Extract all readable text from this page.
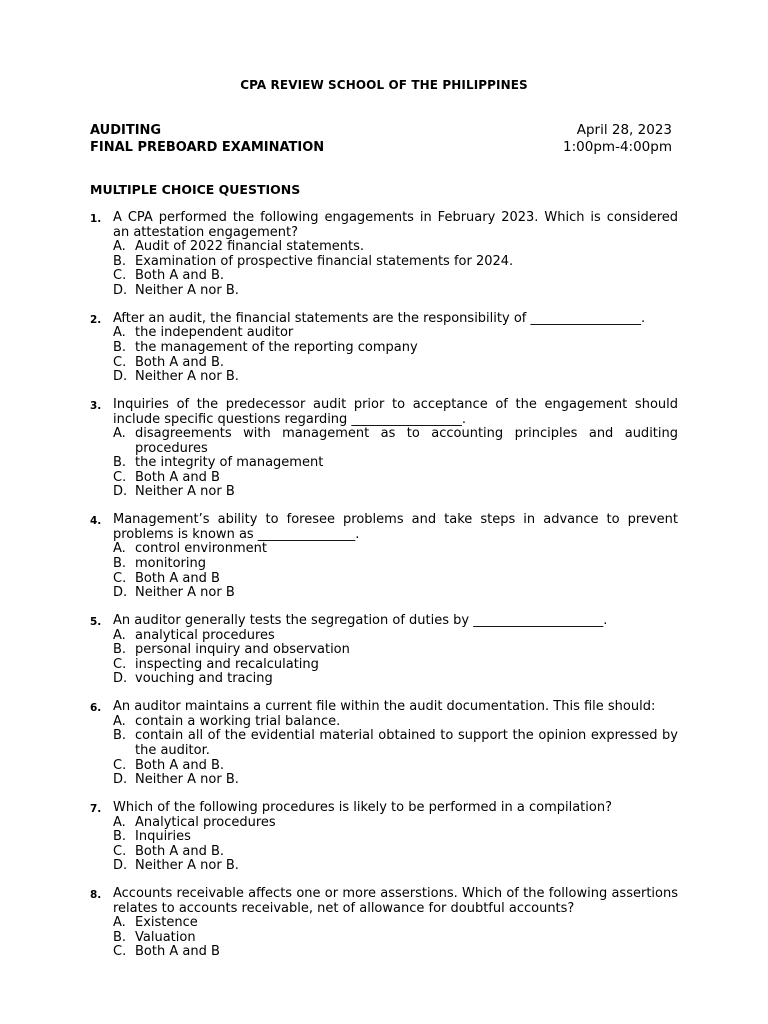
CPA REVIEW SCHOOL OF THE PHILIPPINES
AUDITING
FINAL PREBOARD EXAMINATION
April 28, 2023
1:00pm-4:00pm
MULTIPLE CHOICE QUESTIONS
1. A CPA performed the following engagements in February 2023. Which is considered an attestation engagement?
A. Audit of 2022 financial statements.
B. Examination of prospective financial statements for 2024.
C. Both A and B.
D. Neither A nor B.
2. After an audit, the financial statements are the responsibility of _________________.
A. the independent auditor
B. the management of the reporting company
C. Both A and B.
D. Neither A nor B.
3. Inquiries of the predecessor audit prior to acceptance of the engagement should include specific questions regarding _________________.
A. disagreements with management as to accounting principles and auditing procedures
B. the integrity of management
C. Both A and B
D. Neither A nor B
4. Management’s ability to foresee problems and take steps in advance to prevent problems is known as _______________.
A. control environment
B. monitoring
C. Both A and B
D. Neither A nor B
5. An auditor generally tests the segregation of duties by ____________________.
A. analytical procedures
B. personal inquiry and observation
C. inspecting and recalculating
D. vouching and tracing
6. An auditor maintains a current file within the audit documentation. This file should:
A. contain a working trial balance.
B. contain all of the evidential material obtained to support the opinion expressed by the auditor.
C. Both A and B.
D. Neither A nor B.
7. Which of the following procedures is likely to be performed in a compilation?
A. Analytical procedures
B. Inquiries
C. Both A and B.
D. Neither A nor B.
8. Accounts receivable affects one or more asserstions. Which of the following assertions relates to accounts receivable, net of allowance for doubtful accounts?
A. Existence
B. Valuation
C. Both A and B
